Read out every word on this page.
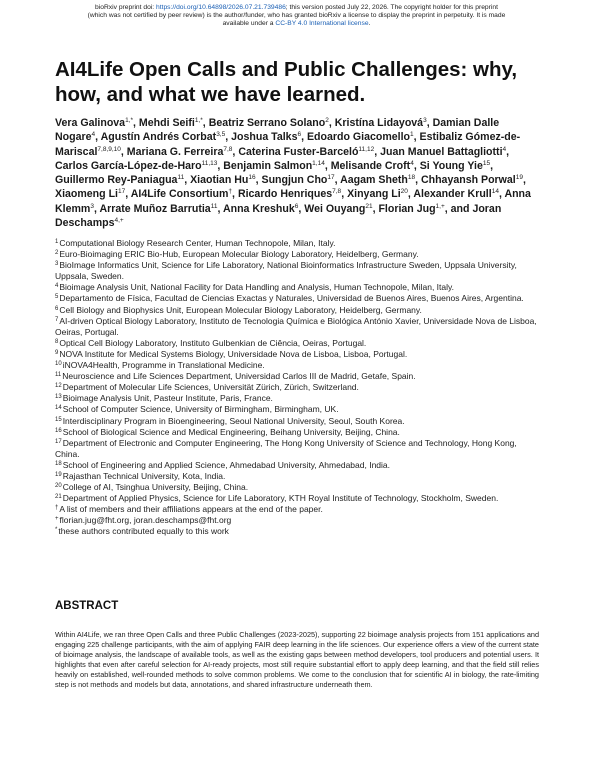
bioRxiv preprint doi: https://doi.org/10.64898/2026.07.21.739486; this version posted July 22, 2026. The copyright holder for this preprint
(which was not certified by peer review) is the author/funder, who has granted bioRxiv a license to display the preprint in perpetuity. It is made
available under a CC-BY 4.0 International license.
AI4Life Open Calls and Public Challenges: why, how, and what we have learned.

Vera Galinova$^{1,*}$, Mehdi Seifi$^{1,*}$, Beatriz Serrano Solano$^2$, Kristína Lidayová$^3$, Damian Dalle Nogare$^4$, Agustín Andrés Corbat$^{3,5}$, Joshua Talks$^6$, Edoardo Giacomello$^1$, Estibaliz Gómez-de-Mariscal$^{7,8,9,10}$, Mariana G. Ferreira$^{7,8}$, Caterina Fuster-Barceló$^{11,12}$, Juan Manuel Battagliotti$^4$, Carlos García-López-de-Haro$^{11,13}$, Benjamin Salmon$^{1,14}$, Melisande Croft$^4$, Si Young Yie$^{15}$, Guillermo Rey-Paniagua$^{11}$, Xiaotian Hu$^{16}$, Sungjun Cho$^{17}$, Aagam Sheth$^{18}$, Chhayansh Porwal$^{19}$, Xiaomeng Li$^{17}$, AI4Life Consortium†, Ricardo Henriques$^{7,8}$, Xinyang Li$^{20}$, Alexander Krull$^{14}$, Anna Klemm$^3$, Arrate Muñoz Barrutia$^{11}$, Anna Kreshuk$^6$, Wei Ouyang$^{21}$, Florian Jug$^{1,+}$, and Joran Deschamps$^{4,+}$

$^1$Computational Biology Research Center, Human Technopole, Milan, Italy.
$^2$Euro-Bioimaging ERIC Bio-Hub, European Molecular Biology Laboratory, Heidelberg, Germany.
$^3$BioImage Informatics Unit, Science for Life Laboratory, National Bioinformatics Infrastructure Sweden, Uppsala University, Uppsala, Sweden.
$^4$Bioimage Analysis Unit, National Facility for Data Handling and Analysis, Human Technopole, Milan, Italy.
$^5$Departamento de Física, Facultad de Ciencias Exactas y Naturales, Universidad de Buenos Aires, Buenos Aires, Argentina.
$^6$Cell Biology and Biophysics Unit, European Molecular Biology Laboratory, Heidelberg, Germany.
$^7$AI-driven Optical Biology Laboratory, Instituto de Tecnologia Química e Biológica António Xavier, Universidade Nova de Lisboa, Oeiras, Portugal.
$^8$Optical Cell Biology Laboratory, Instituto Gulbenkian de Ciência, Oeiras, Portugal.
$^9$NOVA Institute for Medical Systems Biology, Universidade Nova de Lisboa, Lisboa, Portugal.
$^{10}$iNOVA4Health, Programme in Translational Medicine.
$^{11}$Neuroscience and Life Sciences Department, Universidad Carlos III de Madrid, Getafe, Spain.
$^{12}$Department of Molecular Life Sciences, Universität Zürich, Zürich, Switzerland.
$^{13}$Bioimage Analysis Unit, Pasteur Institute, Paris, France.
$^{14}$School of Computer Science, University of Birmingham, Birmingham, UK.
$^{15}$Interdisciplinary Program in Bioengineering, Seoul National University, Seoul, South Korea.
$^{16}$School of Biological Science and Medical Engineering, Beihang University, Beijing, China.
$^{17}$Department of Electronic and Computer Engineering, The Hong Kong University of Science and Technology, Hong Kong, China.
$^{18}$School of Engineering and Applied Science, Ahmedabad University, Ahmedabad, India.
$^{19}$Rajasthan Technical University, Kota, India.
$^{20}$College of AI, Tsinghua University, Beijing, China.
$^{21}$Department of Applied Physics, Science for Life Laboratory, KTH Royal Institute of Technology, Stockholm, Sweden.
†A list of members and their affiliations appears at the end of the paper.
+florian.jug@fht.org, joran.deschamps@fht.org
*these authors contributed equally to this work
ABSTRACT

Within AI4Life, we ran three Open Calls and three Public Challenges (2023-2025), supporting 22 bioimage analysis projects from 151 applications and engaging 225 challenge participants, with the aim of applying FAIR deep learning in the life sciences. Our experience offers a view of the current state of bioimage analysis, the landscape of available tools, as well as the existing gaps between method developers, tool producers and potential users. It highlights that even after careful selection for AI-ready projects, most still require substantial effort to apply deep learning, and that the field still relies heavily on established, well-rounded methods to solve common problems. We come to the conclusion that for scientific AI in biology, the rate-limiting step is not methods and models but data, annotations, and shared infrastructure underneath them.
